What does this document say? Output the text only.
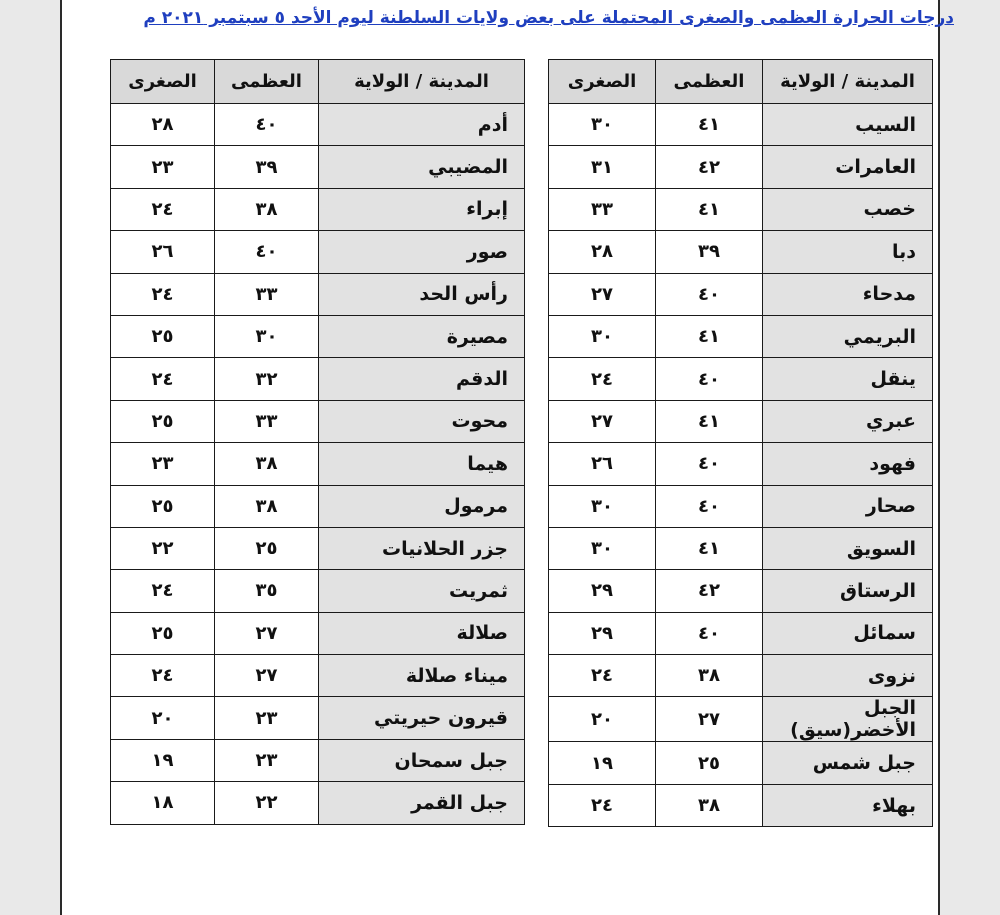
درجات الحرارة العظمى والصغرى المحتملة على بعض ولايات السلطنة ليوم الأحد ٥ سبتمبر ٢٠٢١ م
المدينة / الولاية	العظمى	الصغرى
السيب	٤١	٣٠
العامرات	٤٢	٣١
خصب	٤١	٣٣
دبا	٣٩	٢٨
مدحاء	٤٠	٢٧
البريمي	٤١	٣٠
ينقل	٤٠	٢٤
عبري	٤١	٢٧
فهود	٤٠	٢٦
صحار	٤٠	٣٠
السويق	٤١	٣٠
الرستاق	٤٢	٢٩
سمائل	٤٠	٢٩
نزوى	٣٨	٢٤
الجبل الأخضر(سيق)	٢٧	٢٠
جبل شمس	٢٥	١٩
بهلاء	٣٨	٢٤
المدينة / الولاية	العظمى	الصغرى
أدم	٤٠	٢٨
المضيبي	٣٩	٢٣
إبراء	٣٨	٢٤
صور	٤٠	٢٦
رأس الحد	٣٣	٢٤
مصيرة	٣٠	٢٥
الدقم	٣٢	٢٤
محوت	٣٣	٢٥
هيما	٣٨	٢٣
مرمول	٣٨	٢٥
جزر الحلانيات	٢٥	٢٢
ثمريت	٣٥	٢٤
صلالة	٢٧	٢٥
ميناء صلالة	٢٧	٢٤
قيرون حيريتي	٢٣	٢٠
جبل سمحان	٢٣	١٩
جبل القمر	٢٢	١٨
